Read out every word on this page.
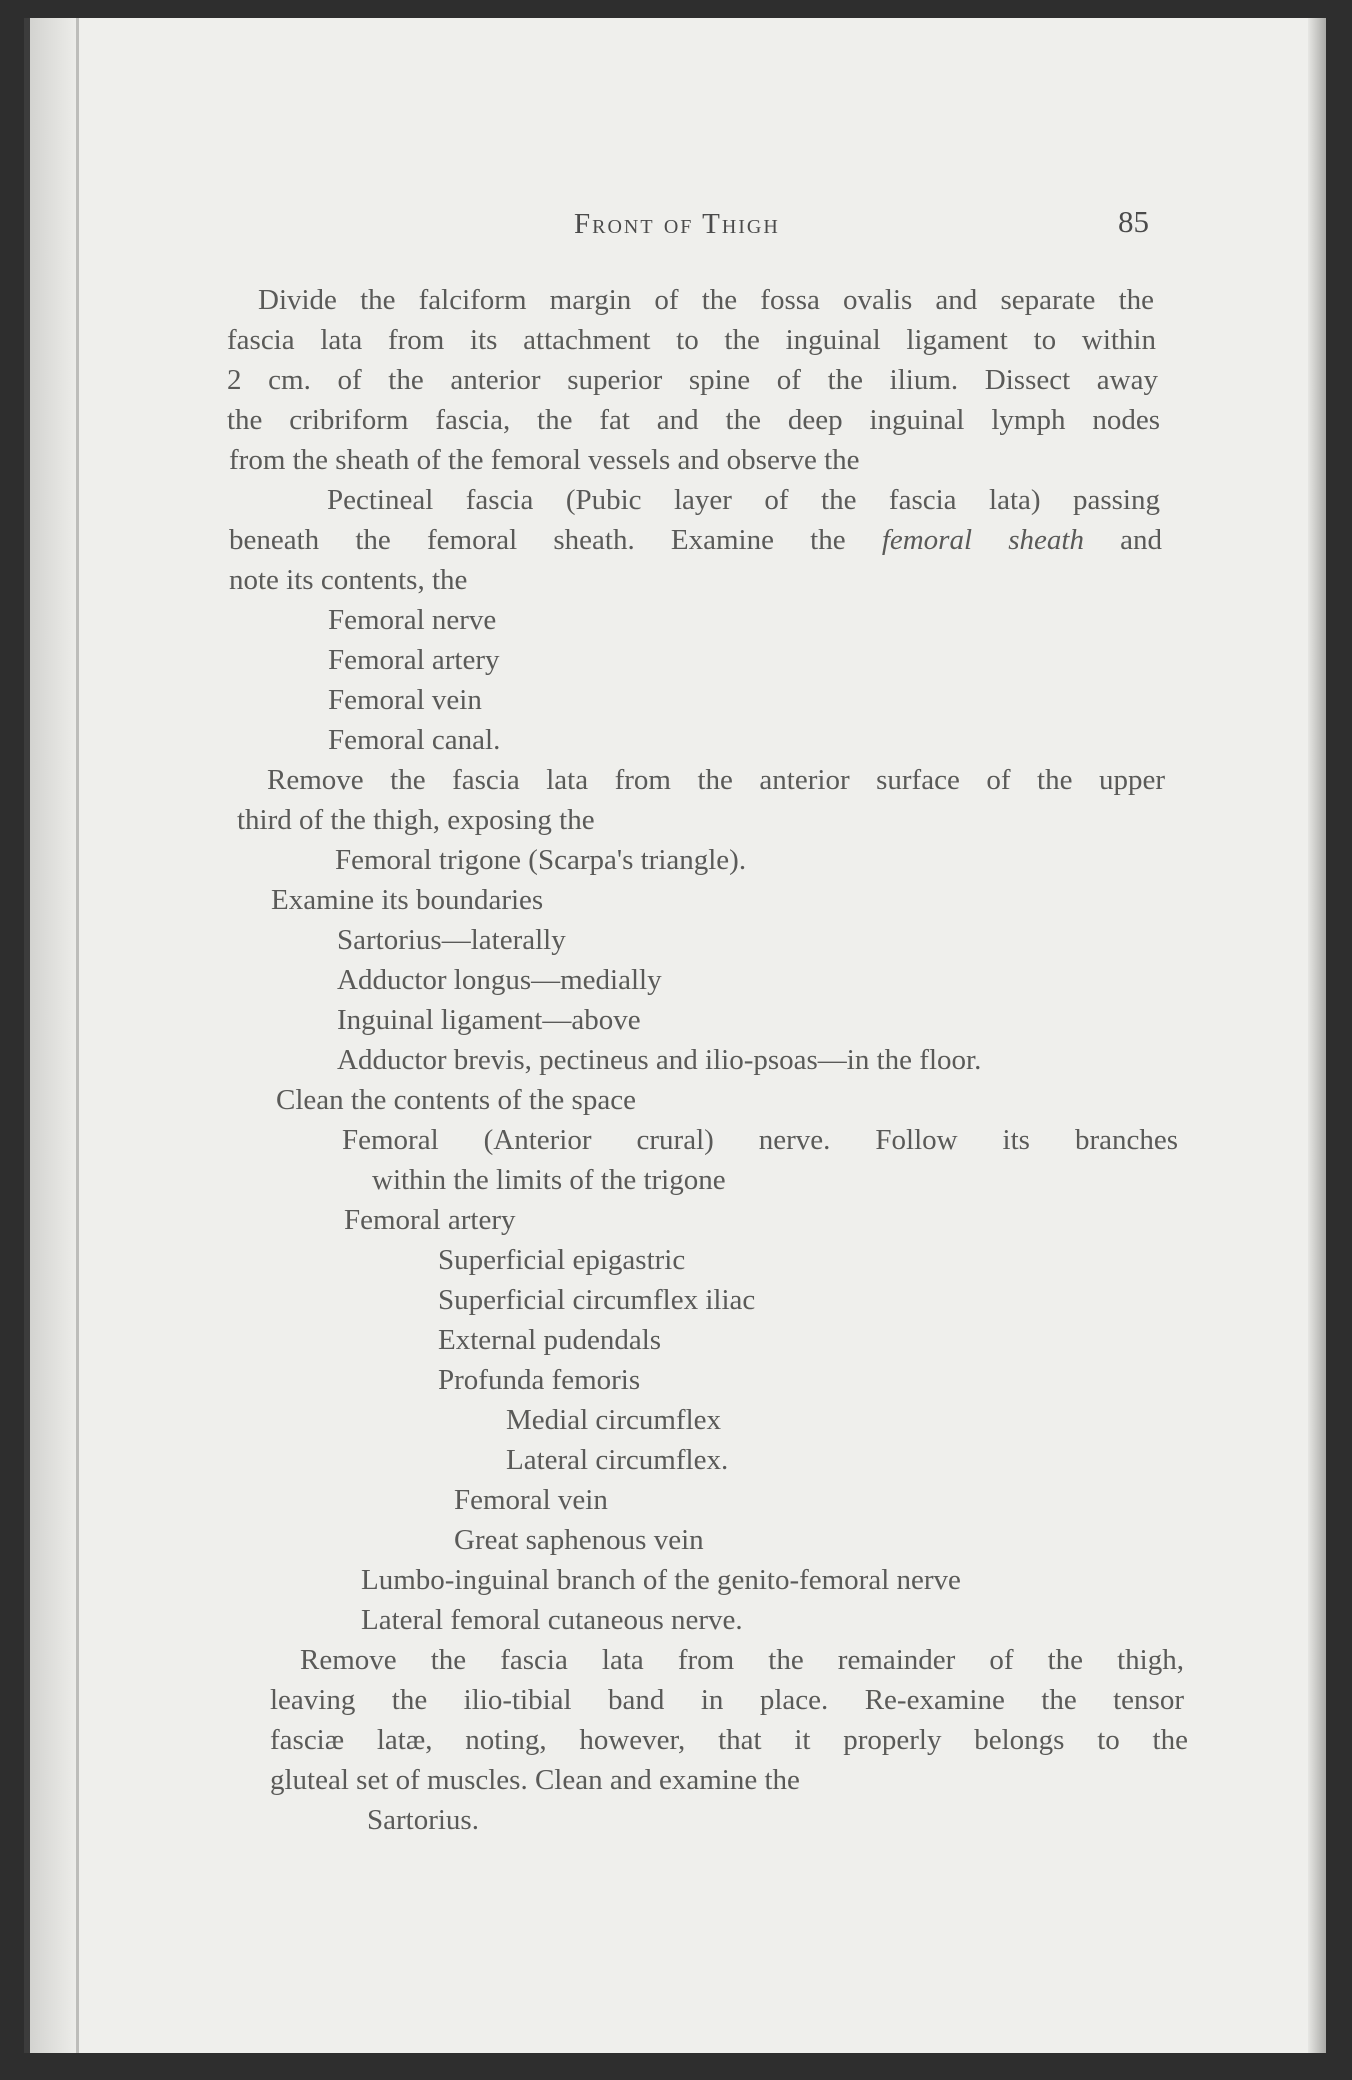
Front of Thigh	85
Divide the falciform margin of the fossa ovalis and separate the
fascia lata from its attachment to the inguinal ligament to within
2 cm. of the anterior superior spine of the ilium. Dissect away
the cribriform fascia, the fat and the deep inguinal lymph nodes
from the sheath of the femoral vessels and observe the
Pectineal fascia (Pubic layer of the fascia lata) passing
beneath the femoral sheath. Examine the femoral sheath and
note its contents, the
Femoral nerve
Femoral artery
Femoral vein
Femoral canal.
Remove the fascia lata from the anterior surface of the upper
third of the thigh, exposing the
Femoral trigone (Scarpa's triangle).
Examine its boundaries
Sartorius—laterally
Adductor longus—medially
Inguinal ligament—above
Adductor brevis, pectineus and ilio-psoas—in the floor.
Clean the contents of the space
Femoral (Anterior crural) nerve. Follow its branches
within the limits of the trigone
Femoral artery
Superficial epigastric
Superficial circumflex iliac
External pudendals
Profunda femoris
Medial circumflex
Lateral circumflex.
Femoral vein
Great saphenous vein
Lumbo-inguinal branch of the genito-femoral nerve
Lateral femoral cutaneous nerve.
Remove the fascia lata from the remainder of the thigh,
leaving the ilio-tibial band in place. Re-examine the tensor
fasciæ latæ, noting, however, that it properly belongs to the
gluteal set of muscles. Clean and examine the
Sartorius.
